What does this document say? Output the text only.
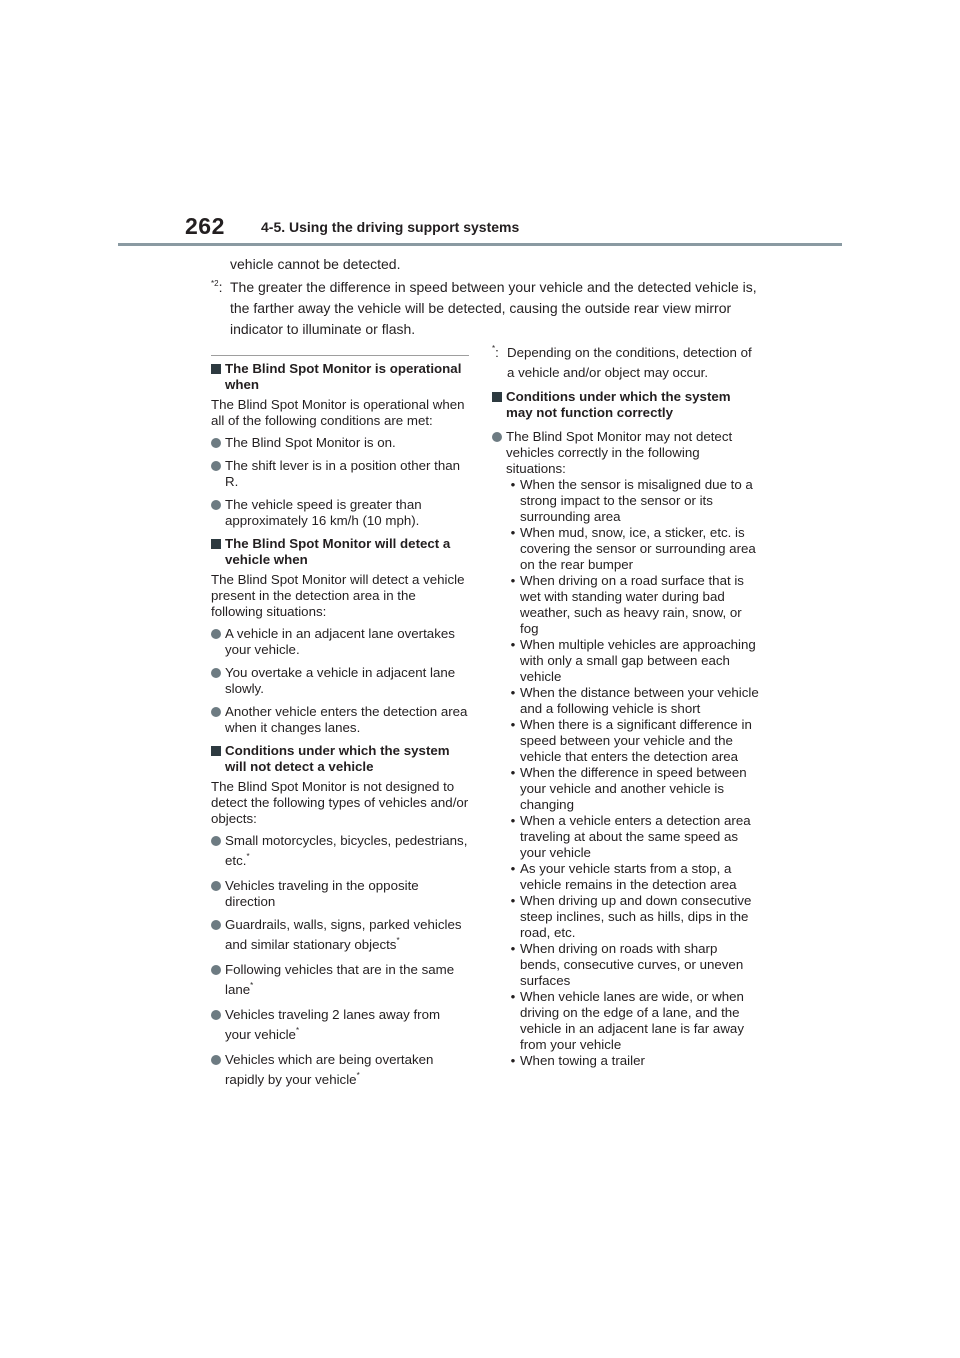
262	4-5. Using the driving support systems

vehicle cannot be detected.

$^{*2}$: The greater the difference in speed between your vehicle and the detected vehicle is, the farther away the vehicle will be detected, causing the outside rear view mirror indicator to illuminate or flash.

The Blind Spot Monitor is operational when

The Blind Spot Monitor is operational when all of the following conditions are met:

The Blind Spot Monitor is on.
The shift lever is in a position other than R.
The vehicle speed is greater than approximately 16 km/h (10 mph).
The Blind Spot Monitor will detect a vehicle when

The Blind Spot Monitor will detect a vehicle present in the detection area in the following situations:

A vehicle in an adjacent lane overtakes your vehicle.
You overtake a vehicle in adjacent lane slowly.
Another vehicle enters the detection area when it changes lanes.
Conditions under which the system will not detect a vehicle

The Blind Spot Monitor is not designed to detect the following types of vehicles and/or objects:

Small motorcycles, bicycles, pedestrians, etc.*
Vehicles traveling in the opposite direction
Guardrails, walls, signs, parked vehicles and similar stationary objects*
Following vehicles that are in the same lane*
Vehicles traveling 2 lanes away from your vehicle*
Vehicles which are being overtaken rapidly by your vehicle*
*: Depending on the conditions, detection of a vehicle and/or object may occur.
Conditions under which the system may not function correctly
The Blind Spot Monitor may not detect vehicles correctly in the following situations:
• When the sensor is misaligned due to a strong impact to the sensor or its surrounding area
• When mud, snow, ice, a sticker, etc. is covering the sensor or surrounding area on the rear bumper
• When driving on a road surface that is wet with standing water during bad weather, such as heavy rain, snow, or fog
• When multiple vehicles are approaching with only a small gap between each vehicle
• When the distance between your vehicle and a following vehicle is short
• When there is a significant difference in speed between your vehicle and the vehicle that enters the detection area
• When the difference in speed between your vehicle and another vehicle is changing
• When a vehicle enters a detection area traveling at about the same speed as your vehicle
• As your vehicle starts from a stop, a vehicle remains in the detection area
• When driving up and down consecutive steep inclines, such as hills, dips in the road, etc.
• When driving on roads with sharp bends, consecutive curves, or uneven surfaces
• When vehicle lanes are wide, or when driving on the edge of a lane, and the vehicle in an adjacent lane is far away from your vehicle
• When towing a trailer
